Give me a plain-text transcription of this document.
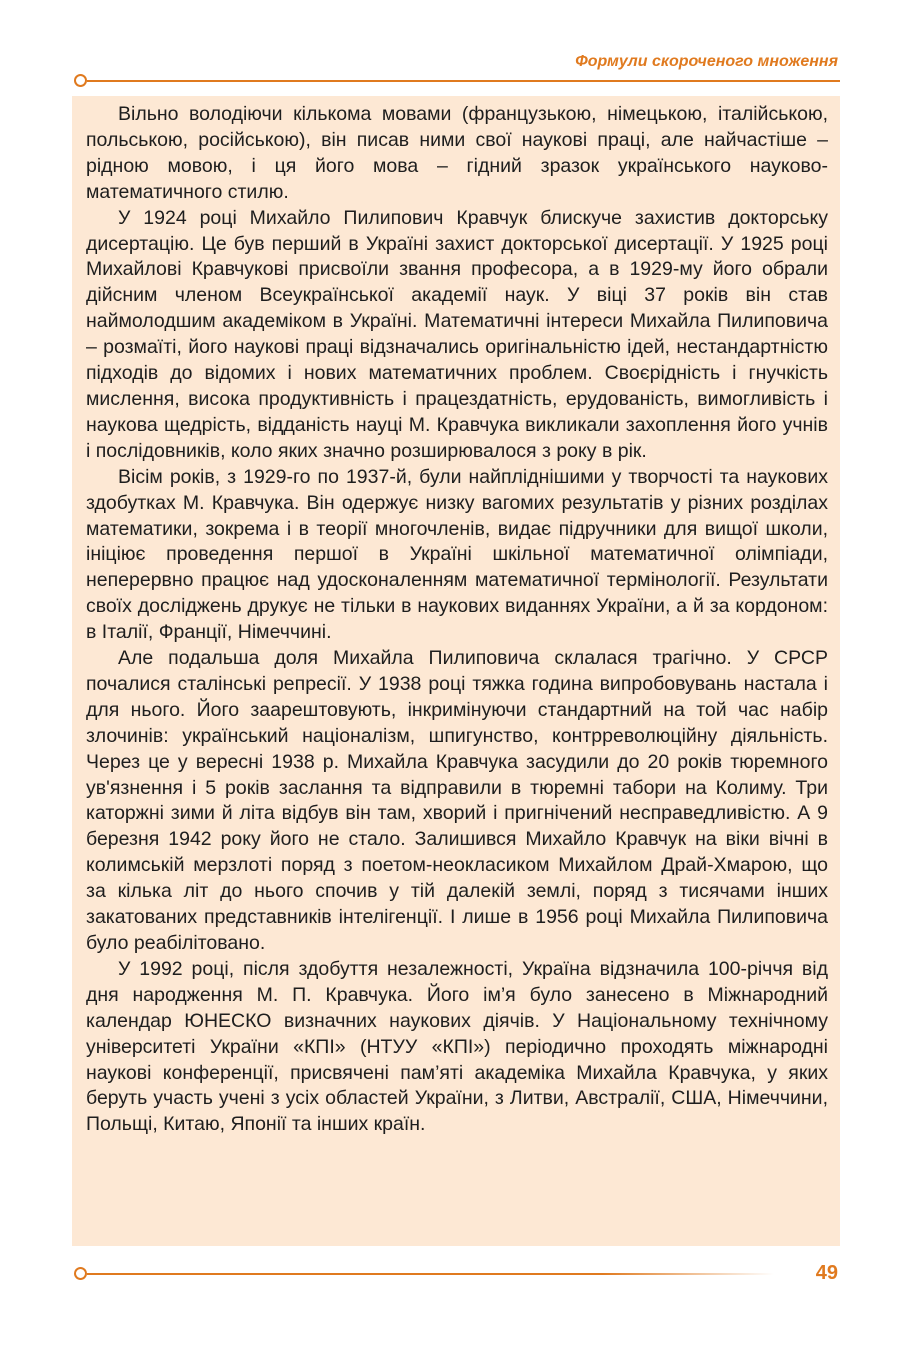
Формули скороченого множення

Вільно володіючи кількома мовами (французькою, німецькою, італійською, польською, російською), він писав ними свої наукові праці, але найчастіше – рідною мовою, і ця його мова – гідний зразок українського науково-математичного стилю.

У 1924 році Михайло Пилипович Кравчук блискуче захистив докторську дисертацію. Це був перший в Україні захист докторської дисертації. У 1925 році Михайлові Кравчукові присвоїли звання професора, а в 1929-му його обрали дійсним членом Всеукраїнської академії наук. У віці 37 років він став наймолодшим академіком в Україні. Математичні інтереси Михайла Пилиповича – розмаїті, його наукові праці відзначались оригінальністю ідей, нестандартністю підходів до відомих і нових математичних проблем. Своєрідність і гнучкість мислення, висока продуктивність і працездатність, ерудованість, вимогливість і наукова щедрість, відданість науці М. Кравчука викликали захоплення його учнів і послідовників, коло яких значно розширювалося з року в рік.

Вісім років, з 1929-го по 1937-й, були найпліднішими у творчості та наукових здобутках М. Кравчука. Він одержує низку вагомих результатів у різних розділах математики, зокрема і в теорії многочленів, видає підручники для вищої школи, ініціює проведення першої в Україні шкільної математичної олімпіади, неперервно працює над удосконаленням математичної термінології. Результати своїх досліджень друкує не тільки в наукових виданнях України, а й за кордоном: в Італії, Франції, Німеччині.

Але подальша доля Михайла Пилиповича склалася трагічно. У СРСР почалися сталінські репресії. У 1938 році тяжка година випробовувань настала і для нього. Його заарештовують, інкримінуючи стандартний на той час набір злочинів: український націоналізм, шпигунство, контрреволюційну діяльність. Через це у вересні 1938 р. Михайла Кравчука засудили до 20 років тюремного ув'язнення і 5 років заслання та відправили в тюремні табори на Колиму. Три каторжні зими й літа відбув він там, хворий і пригнічений несправедливістю. А 9 березня 1942 року його не стало. Залишився Михайло Кравчук на віки вічні в колимській мерзлоті поряд з поетом-неокласиком Михайлом Драй-Хмарою, що за кілька літ до нього спочив у тій далекій землі, поряд з тисячами інших закатованих представників інтелігенції. І лише в 1956 році Михайла Пилиповича було реабілітовано.

У 1992 році, після здобуття незалежності, Україна відзначила 100-річчя від дня народження М. П. Кравчука. Його ім’я було занесено в Міжнародний календар ЮНЕСКО визначних наукових діячів. У Національному технічному університеті України «КПІ» (НТУУ «КПІ») періодично проходять міжнародні наукові конференції, присвячені пам’яті академіка Михайла Кравчука, у яких беруть участь учені з усіх областей України, з Литви, Австралії, США, Німеччини, Польщі, Китаю, Японії та інших країн.

49
